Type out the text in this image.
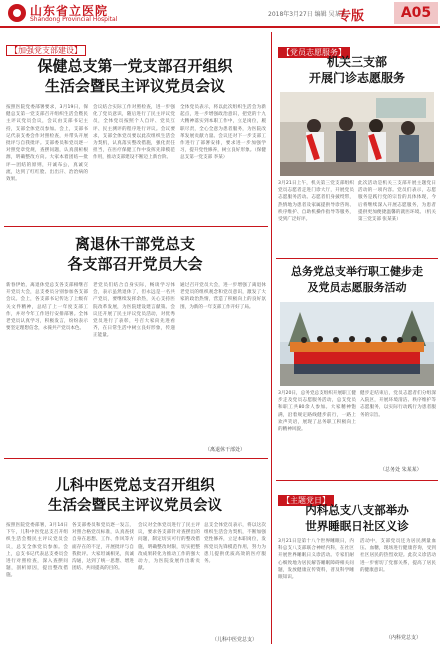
山东省立医院
Shandong Provincial Hospital
2018年3月27日 编辑 吴某某
专版	A05
【加强党支部建设】
保健总支第一党支部召开组织
生活会暨民主评议党员会议
按照医院党委部署要求，3月19日，保健总支第一党支部召开组织生活会暨民主评议党员会议，会议由支部书记主持，支部全体党员参加。会上，支部书记代表支委会作对照检查，并带头开展批评与自我批评。支部委员和党员逐一对照党章党规，查摆问题，认真剖析根源，明确整改方向。大家本着团结—批评—团结的原则，开诚布公，真诚交流，达到了红红脸、出出汗、治治病的效果。
会议结合实际工作对照检查，进一步强化了党员意识，随后进行了民主评议党员，全体党员按照个人自评、党员互评、民主测评的程序进行评议。会议要求，支部全体党员要以此次组织生活会为契机，认真落实整改措施，强化责任担当，在医疗保健工作中发挥先锋模范作用，推动支部建设不断迈上新台阶。
全体党员表示，将以此次组织生活会为新起点，进一步增强政治意识，把党的十九大精神落实到本职工作中，立足岗位，履职尽责，全心全意为患者服务，为医院改革发展贡献力量。会议还对下一步支部工作进行了部署安排，要求进一步加强学习，提升党性修养，树立良好形象。（保健总支第一党支部 李某）
离退休干部党总支
各支部召开党员大会
新春伊始，离退休党总支各支部相继召开党员大会，总支委员分别参加各支部会议。会上，各支部书记传达了上级有关文件精神，总结了上一年度支部工作，并对今年工作进行安排部署。全体老党员认真学习，积极发言，纷纷表示要坚定理想信念，永葆共产党员本色。
老党员们结合自身实际，畅谈学习体会，表示虽然退休了，但永远是一名共产党员，要继续发挥余热，关心支持医院改革发展，为医院建设建言献策。会议还开展了民主评议党员活动，对优秀党员进行了表彰，号召大家向先进看齐，在日常生活中树立良好形象，传递正能量。
通过召开党员大会，进一步增强了离退休老党员的组织观念和党员意识，激发了大家的政治热情，营造了积极向上的良好氛围，为新的一年支部工作开好了局。
（离退休干部处）
儿科中医党总支召开组织
生活会暨民主评议党员会议
按照医院党委部署，3月14日下午，儿科中医党总支召开组织生活会暨民主评议党员会议，总支全体党员参加。会上，总支书记代表总支委员会进行对照检查，深入查摆问题，剖析原因，提出整改措施。
各支部委员和党员逐一发言，对照合格党员标准，认真查找自身在思想、工作、作风等方面存在的不足，开展批评与自我批评。大家坦诚相见，真诚沟通，达到了统一思想、增进团结、共同提高的目的。
会议对全体党员进行了民主评议，要求各支部针对查摆出的问题，制定切实可行的整改措施，明确整改时限，切实把整改成果转化为推动工作的强大动力，为医院发展作出新贡献。
总支全体党员表示，将以这次组织生活会为契机，不断加强党性修养，立足本职岗位，发挥党员先锋模范作用，努力为患儿提供优质高效的医疗服务。
（儿科中医党总支）
【党员志愿服务】
机关三支部
开展门诊志愿服务
3月21日上午，机关第三党支部组织党员志愿者走进门诊大厅，开展党员志愿服务活动。志愿者们身披绶带，热情地为患者及家属提供导诊咨询、秩序维护、自助机操作指导等服务，受到广泛好评。
此次活动是机关三支部开展主题党日活动的一项内容。党员们表示，志愿服务是践行党的宗旨的具体体现，今后将继续深入开展志愿服务，为患者提供更加便捷温馨的就医环境。（机关第三党支部 张某某）
总务党总支举行职工健步走
及党员志愿服务活动
3月20日，总务党总支组织开展职工健步走及党员志愿服务活动，总支党员和职工共80余人参加。大家精神饱满，沿着规定路线健步前行，一路上欢声笑语，展现了总务职工积极向上的精神风貌。
健步走结束后，党员志愿者们分组深入院区，开展环境清洁、秩序维护等志愿服务，以实际行动践行为患者服务的宗旨。
（总务处 朱某某）
【主题党日】
内科总支八支部举办
世界睡眠日社区义诊
3月21日是第十八个世界睡眠日，内科总支八支部联合神经内科，在社区开展世界睡眠日义诊活动。专家们耐心细致地为居民解答睡眠障碍相关问题，发放健康宣传资料，普及科学睡眠知识。
活动中，支部党员还为居民测量血压、血糖，现场进行健康咨询，受到社区居民的热烈欢迎。此次义诊活动进一步密切了党群关系，提高了居民的健康意识。
（内科党总支）
